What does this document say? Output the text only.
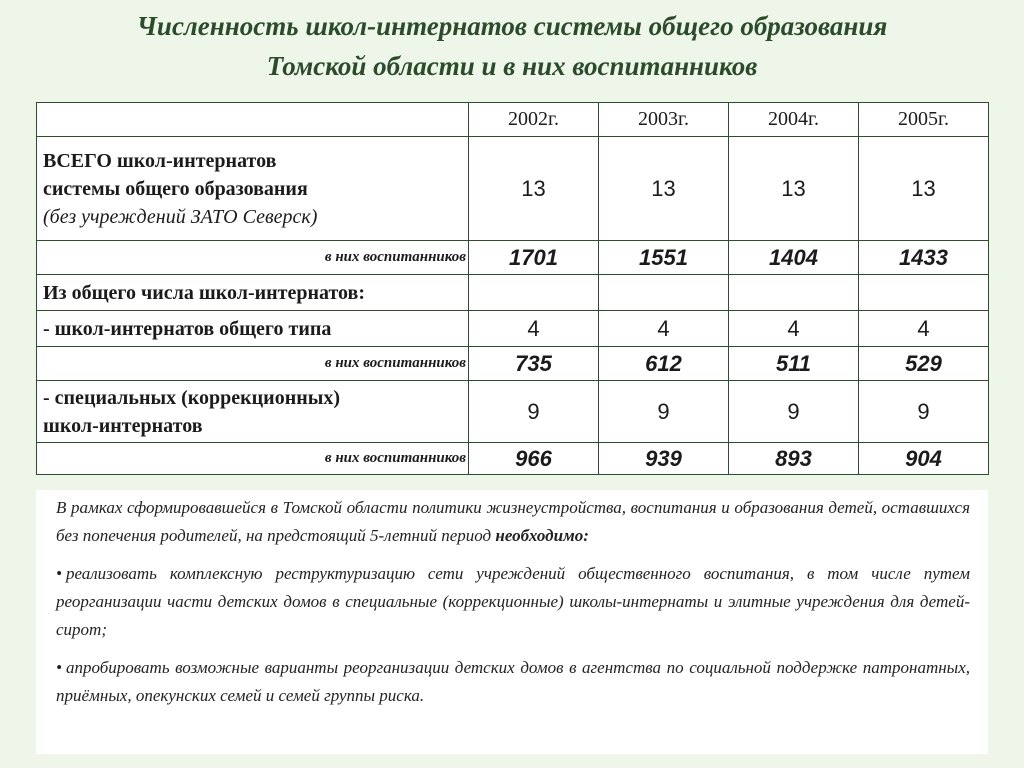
Численность школ-интернатов системы общего образования
Томской области и в них воспитанников
	2002г.	2003г.	2004г.	2005г.

ВСЕГО школ-интернатов
системы общего образования
(без учреждений ЗАТО Северск)	13	13	13	13
в них воспитанников	1701	1551	1404	1433
Из общего числа школ-интернатов:				
- школ-интернатов общего типа	4	4	4	4
в них воспитанников	735	612	511	529

- специальных (коррекционных)
школ-интернатов	9	9	9	9
в них воспитанников	966	939	893	904

В рамках сформировавшейся в Томской области политики жизнеустройства, воспитания и образования детей, оставшихся без попечения родителей, на предстоящий 5-летний период необходимо:

• реализовать комплексную реструктуризацию сети учреждений общественного воспитания, в том числе путем реорганизации части детских домов в специальные (коррекционные) школы-интернаты и элитные учреждения для детей-сирот;

• апробировать возможные варианты реорганизации детских домов в агентства по социальной поддержке патронатных, приёмных, опекунских семей и семей группы риска.
